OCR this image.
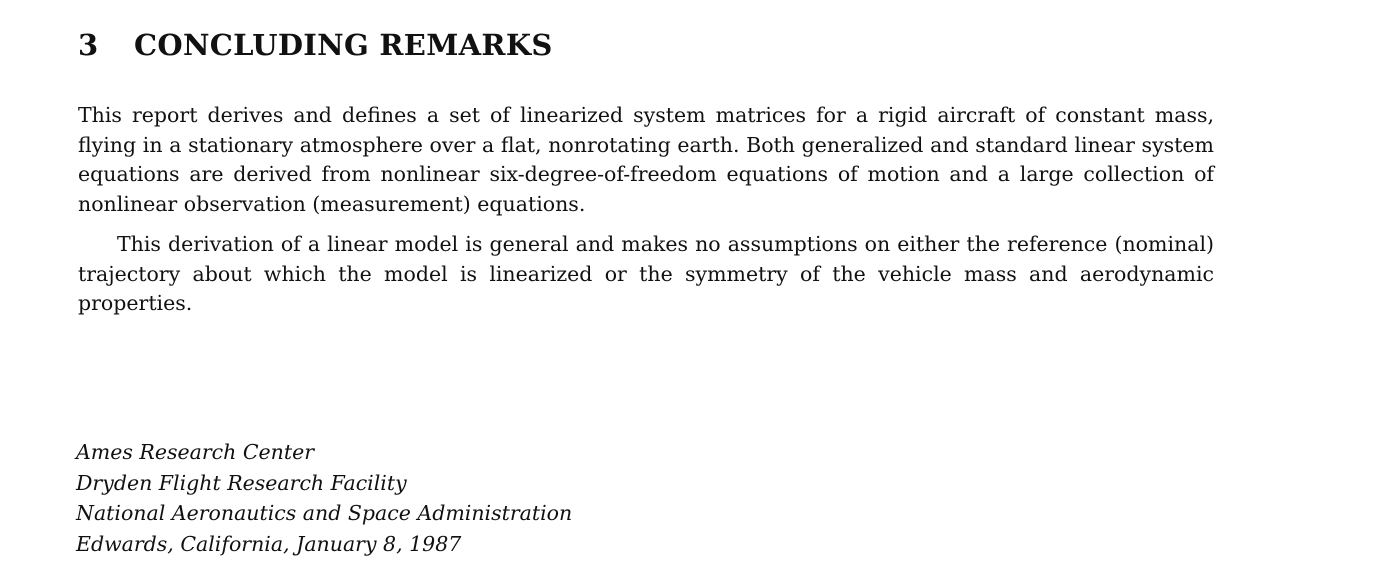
3 CONCLUDING REMARKS

This report derives and defines a set of linearized system matrices for a rigid aircraft of constant mass, flying in a stationary atmosphere over a flat, nonrotating earth. Both generalized and standard linear system equations are derived from nonlinear six-degree-of-freedom equations of motion and a large collection of nonlinear observation (measurement) equations.

This derivation of a linear model is general and makes no assumptions on either the reference (nominal) trajectory about which the model is linearized or the symmetry of the vehicle mass and aerodynamic properties.

Ames Research Center
Dryden Flight Research Facility
National Aeronautics and Space Administration
Edwards, California, January 8, 1987
